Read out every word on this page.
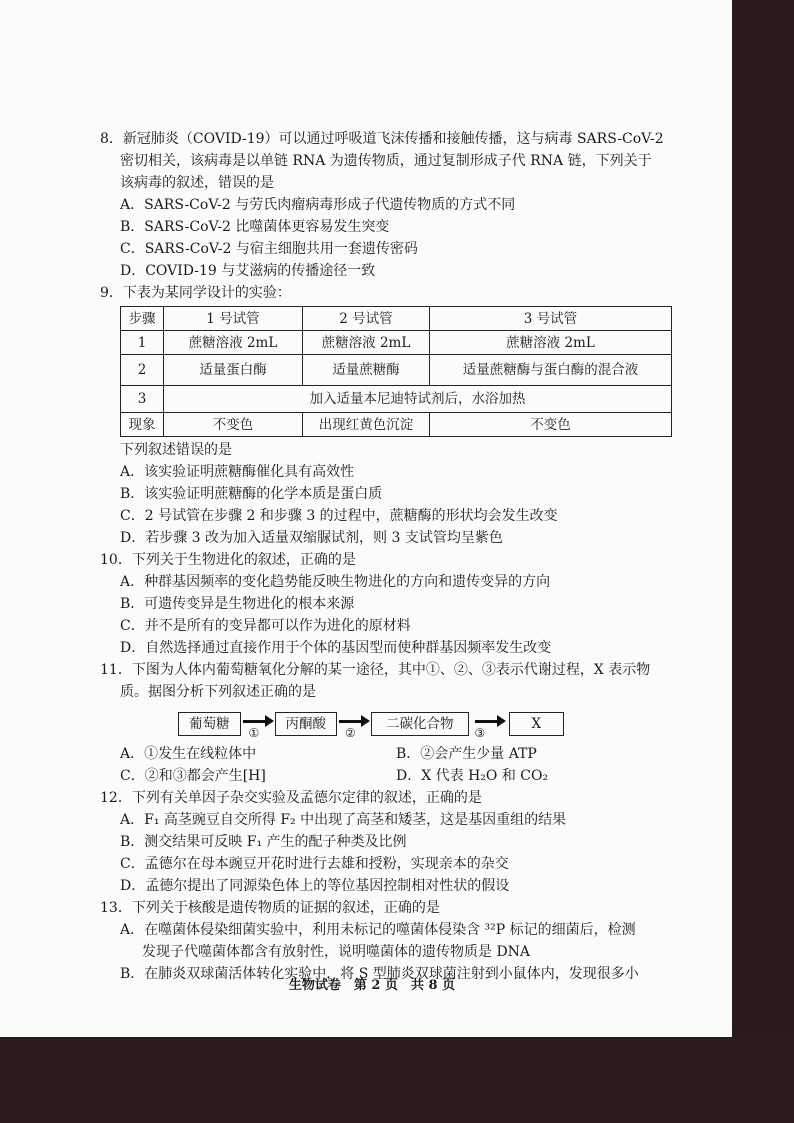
8．新冠肺炎（COVID-19）可以通过呼吸道飞沫传播和接触传播，这与病毒 SARS-CoV-2
密切相关，该病毒是以单链 RNA 为遗传物质，通过复制形成子代 RNA 链，下列关于
该病毒的叙述，错误的是
A．SARS-CoV-2 与劳氏肉瘤病毒形成子代遗传物质的方式不同
B．SARS-CoV-2 比噬菌体更容易发生突变
C．SARS-CoV-2 与宿主细胞共用一套遗传密码
D．COVID-19 与艾滋病的传播途径一致
9．下表为某同学设计的实验：
步骤	1 号试管	2 号试管	3 号试管
1	蔗糖溶液 2mL	蔗糖溶液 2mL	蔗糖溶液 2mL
2	适量蛋白酶	适量蔗糖酶	适量蔗糖酶与蛋白酶的混合液
3	加入适量本尼迪特试剂后，水浴加热		
现象	不变色	出现红黄色沉淀	不变色
下列叙述错误的是
A．该实验证明蔗糖酶催化具有高效性
B．该实验证明蔗糖酶的化学本质是蛋白质
C．2 号试管在步骤 2 和步骤 3 的过程中，蔗糖酶的形状均会发生改变
D．若步骤 3 改为加入适量双缩脲试剂，则 3 支试管均呈紫色
10．下列关于生物进化的叙述，正确的是
A．种群基因频率的变化趋势能反映生物进化的方向和遗传变异的方向
B．可遗传变异是生物进化的根本来源
C．并不是所有的变异都可以作为进化的原材料
D．自然选择通过直接作用于个体的基因型而使种群基因频率发生改变
11．下图为人体内葡萄糖氧化分解的某一途径，其中①、②、③表示代谢过程，X 表示物
质。据图分析下列叙述正确的是
葡萄糖
①
丙酮酸
②
二碳化合物
③
X
A．①发生在线粒体中	B．②会产生少量 ATP
C．②和③都会产生[H]	D．X 代表 H₂O 和 CO₂
12．下列有关单因子杂交实验及孟德尔定律的叙述，正确的是
A．F₁ 高茎豌豆自交所得 F₂ 中出现了高茎和矮茎，这是基因重组的结果
B．测交结果可反映 F₁ 产生的配子种类及比例
C．孟德尔在母本豌豆开花时进行去雄和授粉，实现亲本的杂交
D．孟德尔提出了同源染色体上的等位基因控制相对性状的假设
13．下列关于核酸是遗传物质的证据的叙述，正确的是
A．在噬菌体侵染细菌实验中，利用未标记的噬菌体侵染含 ³²P 标记的细菌后，检测
发现子代噬菌体都含有放射性，说明噬菌体的遗传物质是 DNA
B．在肺炎双球菌活体转化实验中，将 S 型肺炎双球菌注射到小鼠体内，发现很多小
生物试卷　第 2 页　共 8 页
